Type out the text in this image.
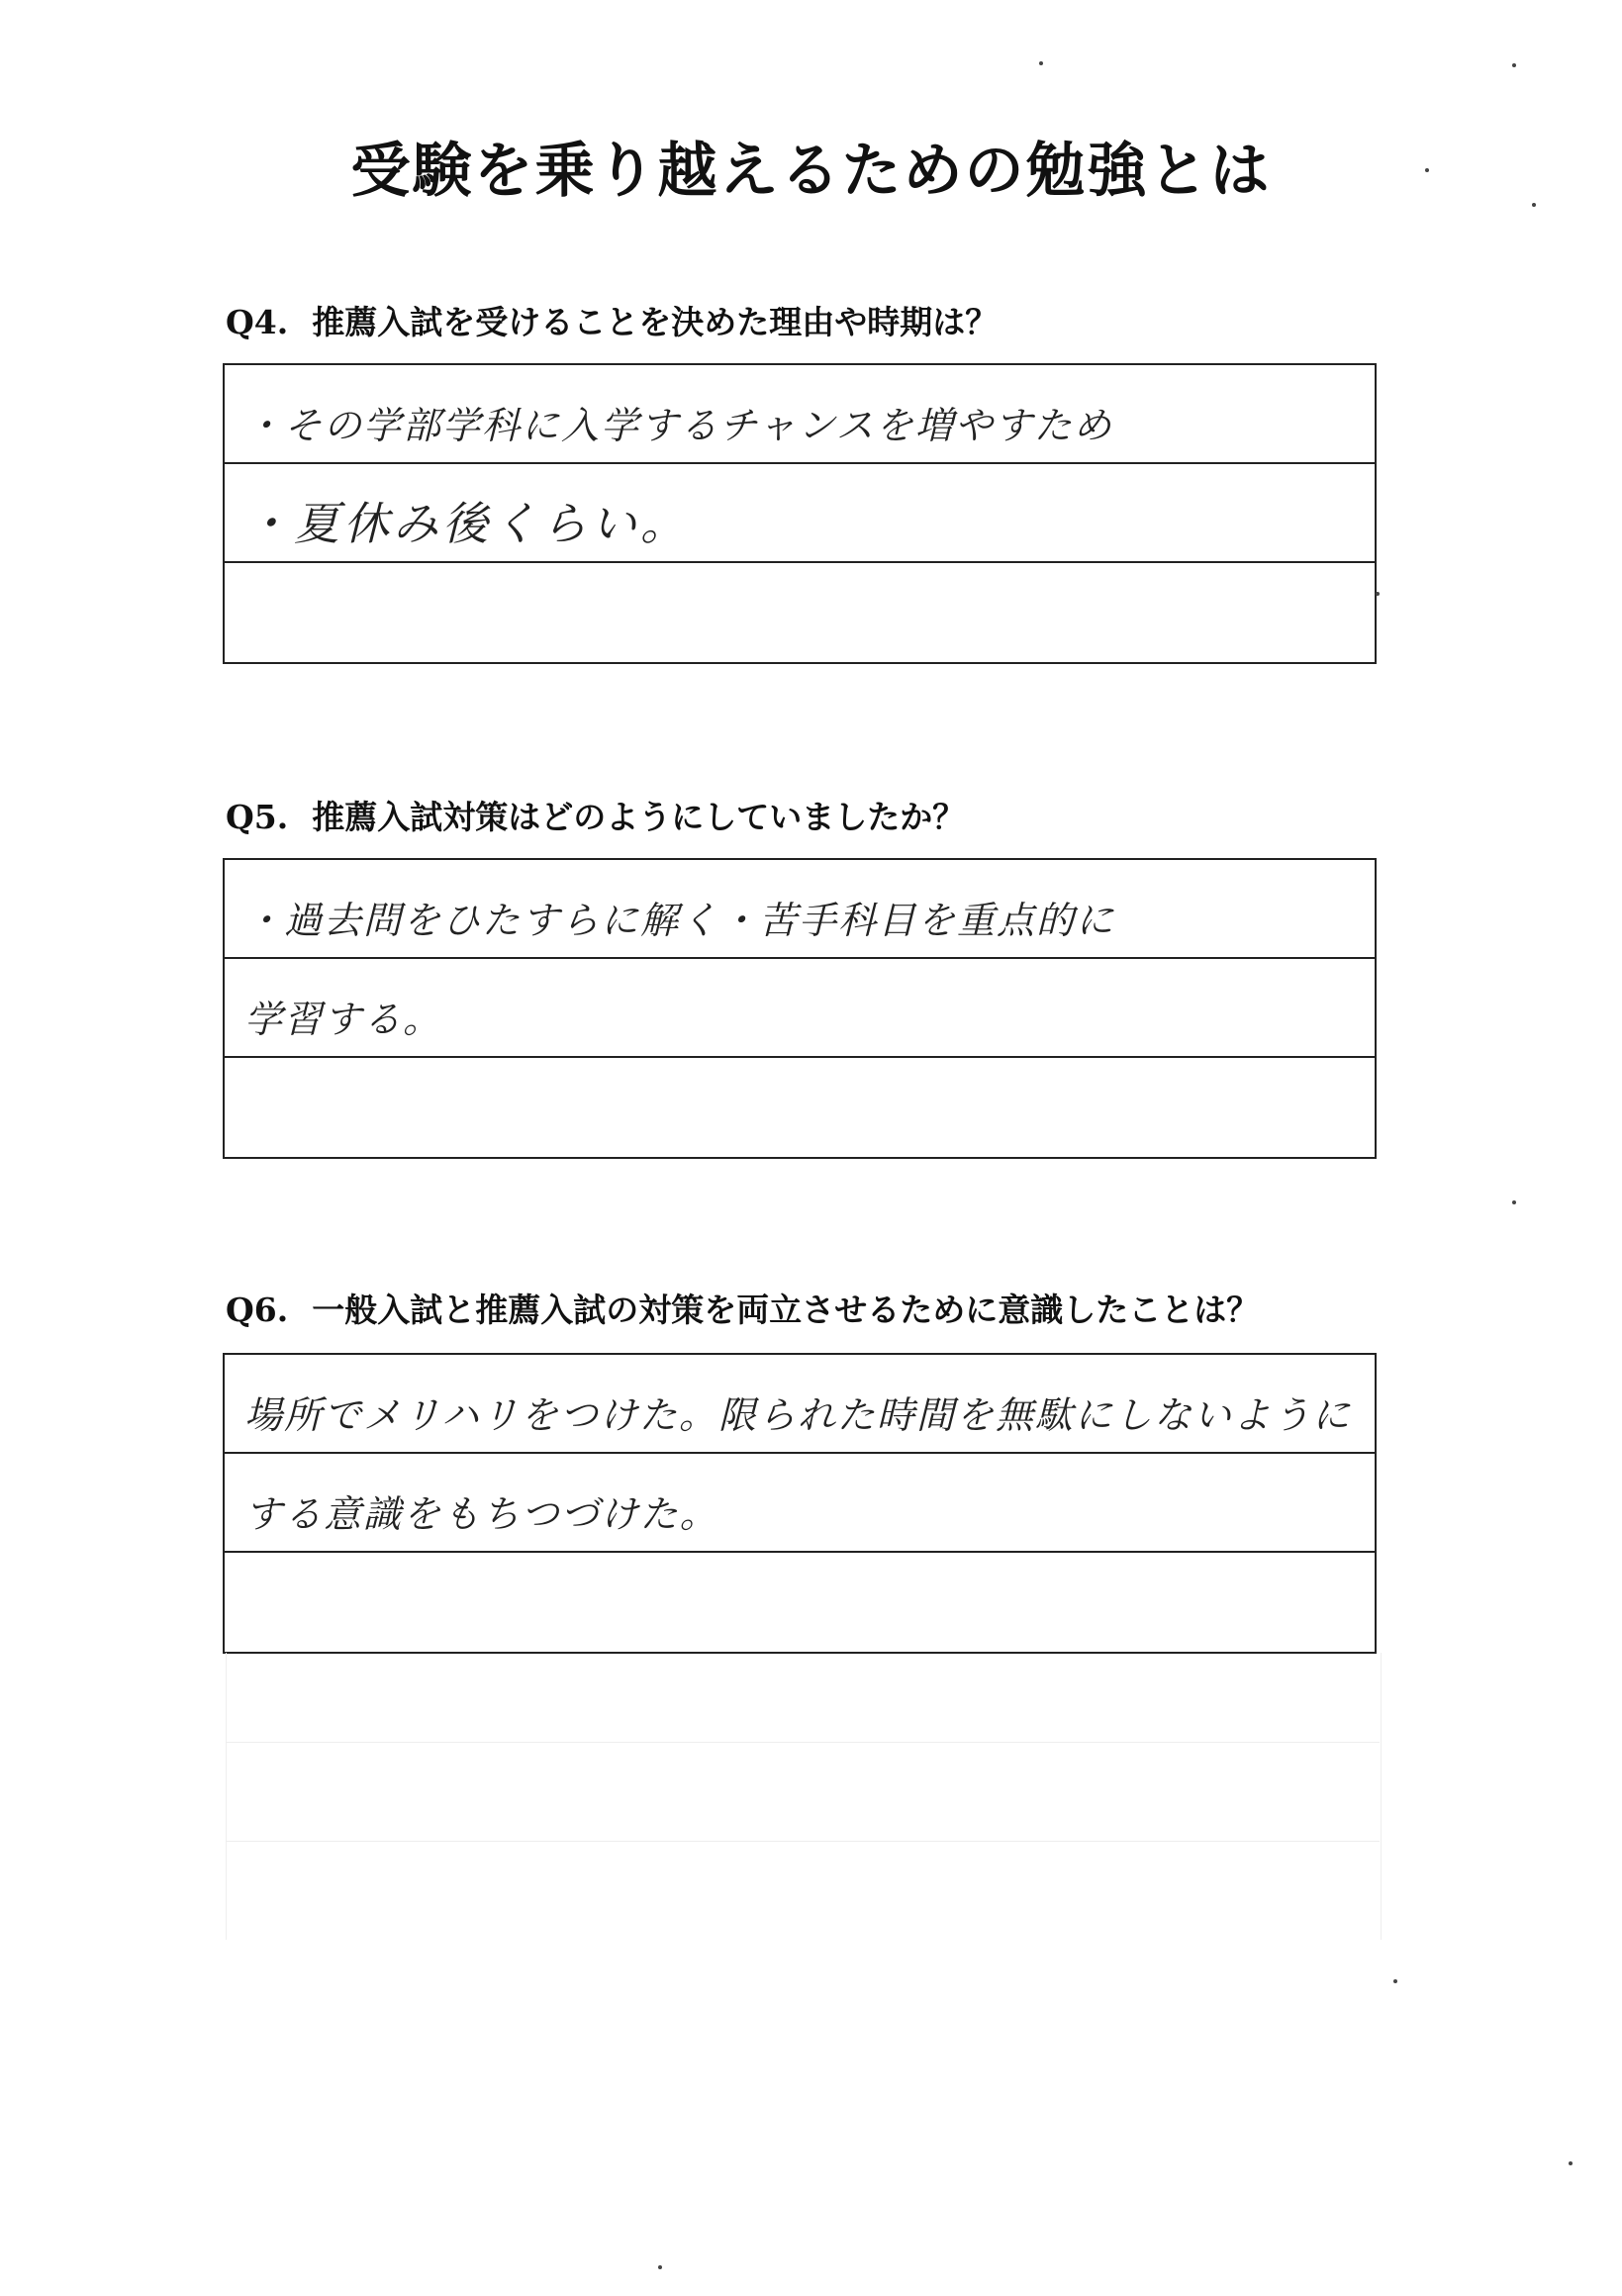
受験を乗り越えるための勉強とは
Q4. 推薦入試を受けることを決めた理由や時期は？
・その学部学科に入学するチャンスを増やすため
・夏休み後くらい。
Q5. 推薦入試対策はどのようにしていましたか？
・過去問をひたすらに解く・苦手科目を重点的に
学習する。
Q6. 一般入試と推薦入試の対策を両立させるために意識したことは？
場所でメリハリをつけた。限られた時間を無駄にしないように
する意識をもちつづけた。
